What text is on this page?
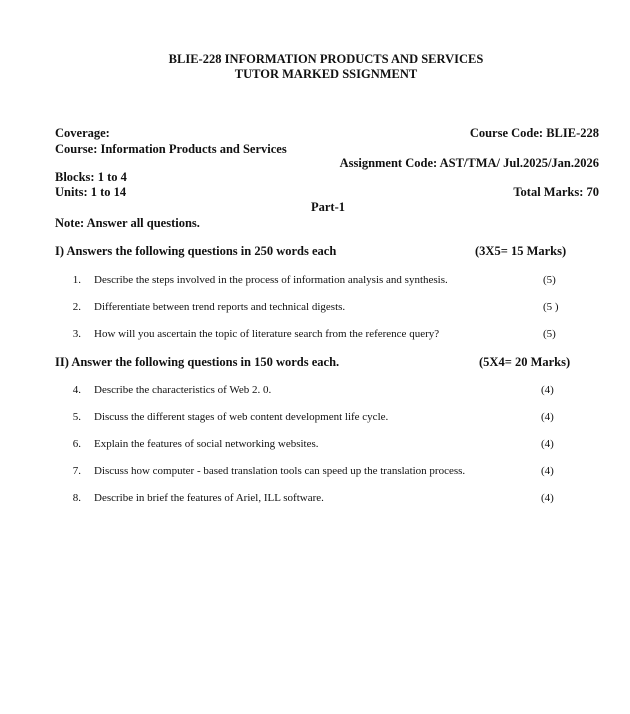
BLIE-228 INFORMATION PRODUCTS AND SERVICES
TUTOR MARKED SSIGNMENT
Coverage:	Course Code: BLIE-228
Course: Information Products and Services
Assignment Code: AST/TMA/ Jul.2025/Jan.2026
Blocks: 1 to 4
Units: 1 to 14	Total Marks: 70
Part-1
Note: Answer all questions.
I) Answers the following questions in 250 words each	(3X5= 15 Marks)
1. Describe the steps involved in the process of information analysis and synthesis.	(5)
2. Differentiate between trend reports and technical digests.	(5 )
3. How will you ascertain the topic of literature search from the reference query?	(5)
II) Answer the following questions in 150 words each.	(5X4= 20 Marks)
4. Describe the characteristics of Web 2. 0.	(4)
5. Discuss the different stages of web content development life cycle.	(4)
6. Explain the features of social networking websites.	(4)
7. Discuss how computer - based translation tools can speed up the translation process.	(4)
8. Describe in brief the features of Ariel, ILL software.	(4)
